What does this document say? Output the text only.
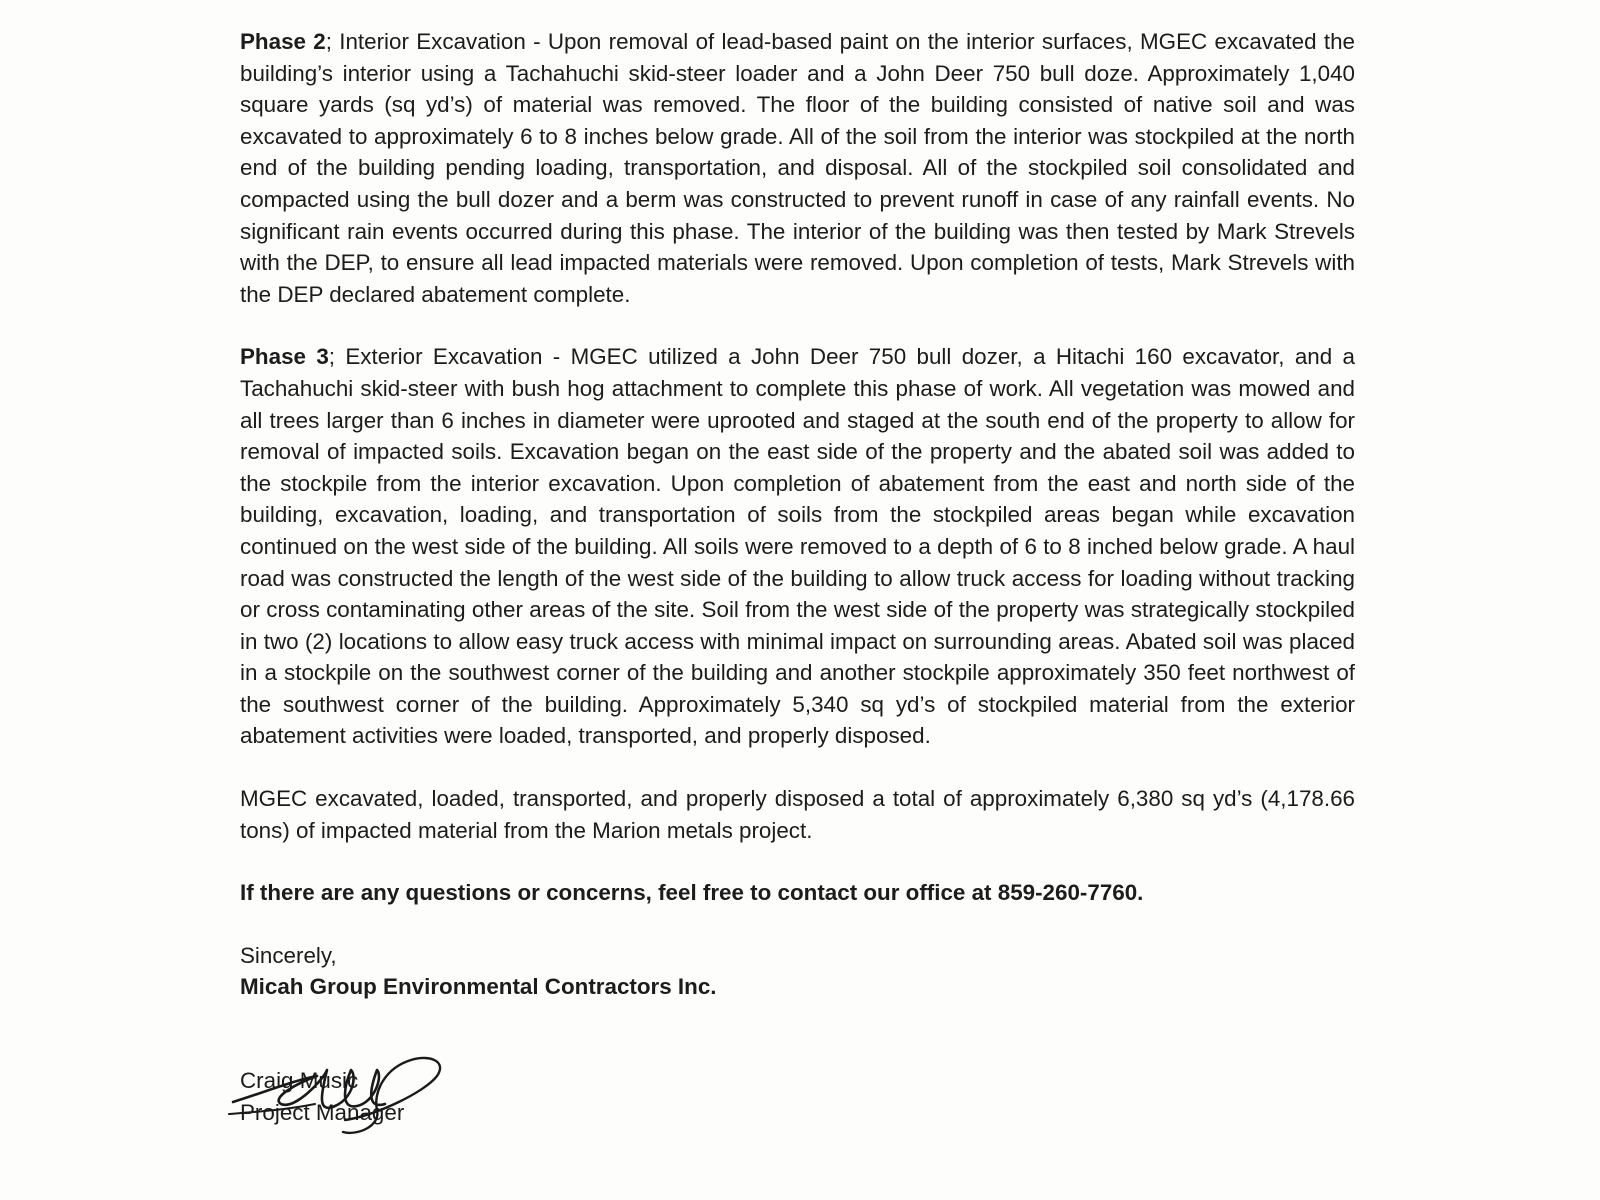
Phase 2; Interior Excavation - Upon removal of lead-based paint on the interior surfaces, MGEC excavated the building’s interior using a Tachahuchi skid-steer loader and a John Deer 750 bull doze. Approximately 1,040 square yards (sq yd’s) of material was removed. The floor of the building consisted of native soil and was excavated to approximately 6 to 8 inches below grade. All of the soil from the interior was stockpiled at the north end of the building pending loading, transportation, and disposal. All of the stockpiled soil consolidated and compacted using the bull dozer and a berm was constructed to prevent runoff in case of any rainfall events. No significant rain events occurred during this phase. The interior of the building was then tested by Mark Strevels with the DEP, to ensure all lead impacted materials were removed. Upon completion of tests, Mark Strevels with the DEP declared abatement complete.

Phase 3; Exterior Excavation - MGEC utilized a John Deer 750 bull dozer, a Hitachi 160 excavator, and a Tachahuchi skid-steer with bush hog attachment to complete this phase of work. All vegetation was mowed and all trees larger than 6 inches in diameter were uprooted and staged at the south end of the property to allow for removal of impacted soils. Excavation began on the east side of the property and the abated soil was added to the stockpile from the interior excavation. Upon completion of abatement from the east and north side of the building, excavation, loading, and transportation of soils from the stockpiled areas began while excavation continued on the west side of the building. All soils were removed to a depth of 6 to 8 inched below grade. A haul road was constructed the length of the west side of the building to allow truck access for loading without tracking or cross contaminating other areas of the site. Soil from the west side of the property was strategically stockpiled in two (2) locations to allow easy truck access with minimal impact on surrounding areas. Abated soil was placed in a stockpile on the southwest corner of the building and another stockpile approximately 350 feet northwest of the southwest corner of the building. Approximately 5,340 sq yd’s of stockpiled material from the exterior abatement activities were loaded, transported, and properly disposed.

MGEC excavated, loaded, transported, and properly disposed a total of approximately 6,380 sq yd’s (4,178.66 tons) of impacted material from the Marion metals project.

If there are any questions or concerns, feel free to contact our office at 859-260-7760.

Sincerely,
Micah Group Environmental Contractors Inc.
Craig Music
Project Manager
